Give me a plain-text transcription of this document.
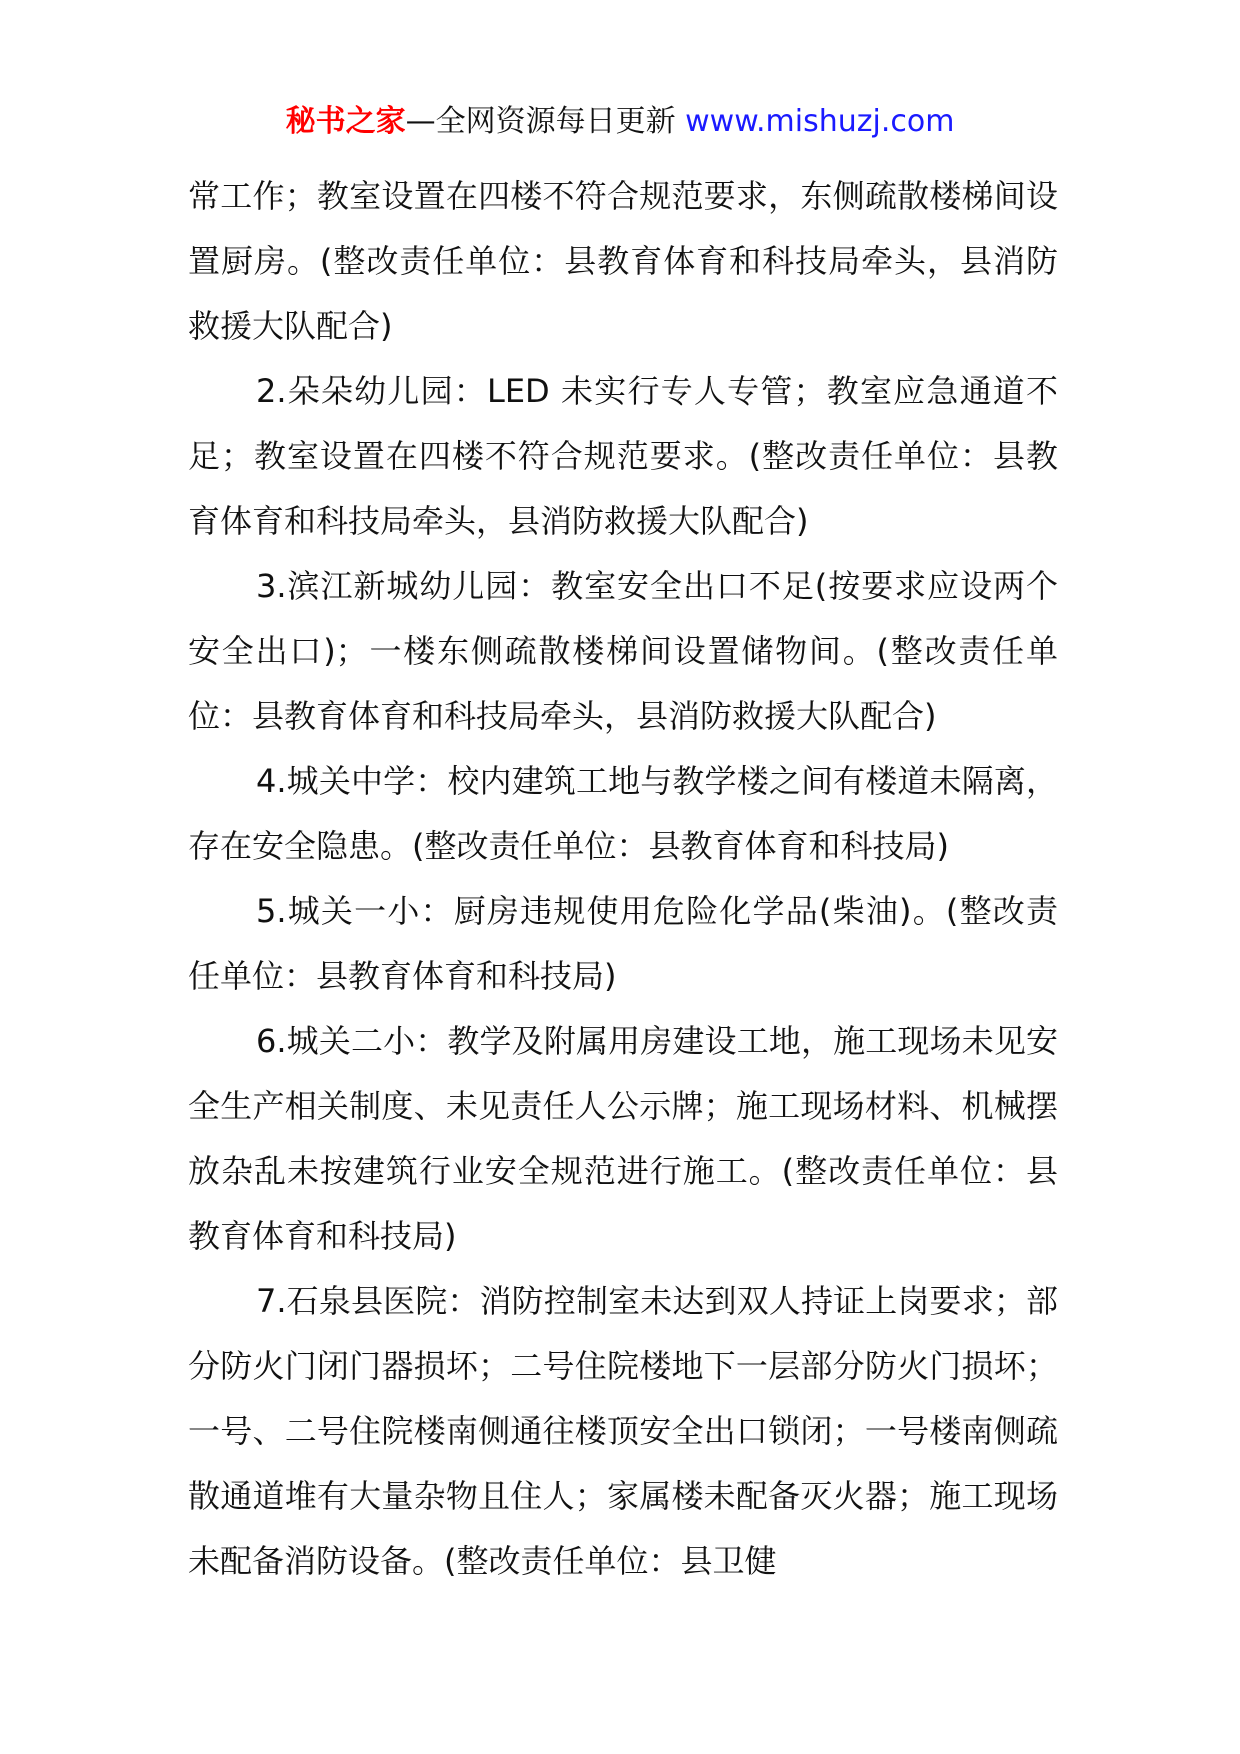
秘书之家—全网资源每日更新 www.mishuzj.com

常工作；教室设置在四楼不符合规范要求，东侧疏散楼梯间设置厨房。(整改责任单位：县教育体育和科技局牵头，县消防救援大队配合)

2.朵朵幼儿园：LED 未实行专人专管；教室应急通道不足；教室设置在四楼不符合规范要求。(整改责任单位：县教育体育和科技局牵头，县消防救援大队配合)

3.滨江新城幼儿园：教室安全出口不足(按要求应设两个安全出口)；一楼东侧疏散楼梯间设置储物间。(整改责任单位：县教育体育和科技局牵头，县消防救援大队配合)

4.城关中学：校内建筑工地与教学楼之间有楼道未隔离，存在安全隐患。(整改责任单位：县教育体育和科技局)

5.城关一小：厨房违规使用危险化学品(柴油)。(整改责任单位：县教育体育和科技局)

6.城关二小：教学及附属用房建设工地，施工现场未见安全生产相关制度、未见责任人公示牌；施工现场材料、机械摆放杂乱未按建筑行业安全规范进行施工。(整改责任单位：县教育体育和科技局)

7.石泉县医院：消防控制室未达到双人持证上岗要求；部分防火门闭门器损坏；二号住院楼地下一层部分防火门损坏；一号、二号住院楼南侧通往楼顶安全出口锁闭；一号楼南侧疏散通道堆有大量杂物且住人；家属楼未配备灭火器；施工现场未配备消防设备。(整改责任单位：县卫健
